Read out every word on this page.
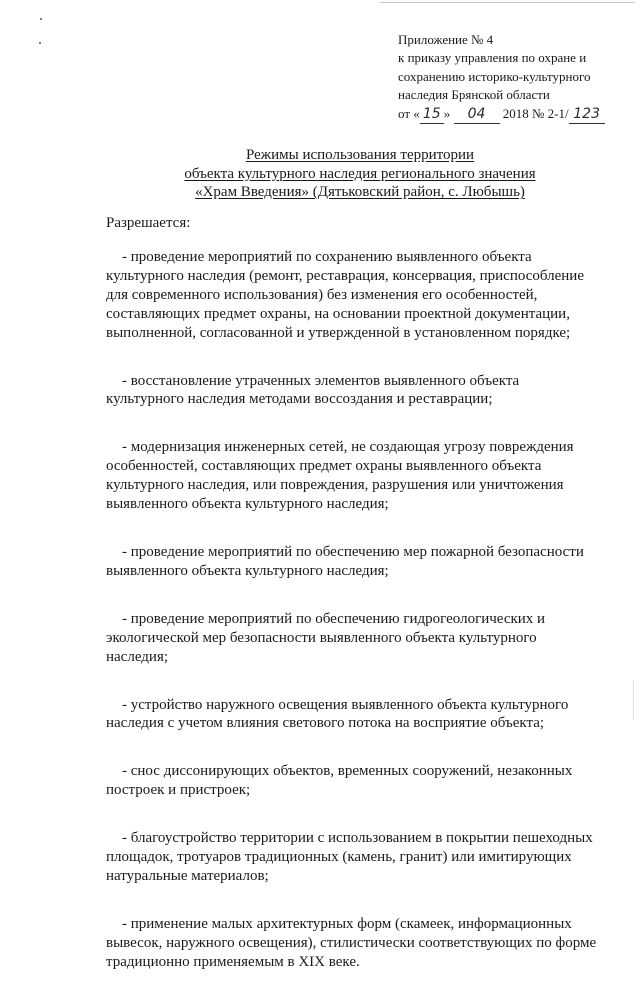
Приложение № 4
к приказу управления по охране и
сохранению историко-культурного
наследия Брянской области
от « 15 » 04 2018 № 2-1/ 123
Режимы использования территории
объекта культурного наследия регионального значения
«Храм Введения» (Дятьковский район, с. Любышь)
Разрешается:
- проведение мероприятий по сохранению выявленного объекта
культурного наследия (ремонт, реставрация, консервация, приспособление
для современного использования) без изменения его особенностей,
составляющих предмет охраны, на основании проектной документации,
выполненной, согласованной и утвержденной в установленном порядке;
- восстановление утраченных элементов выявленного объекта
культурного наследия методами воссоздания и реставрации;
- модернизация инженерных сетей, не создающая угрозу повреждения
особенностей, составляющих предмет охраны выявленного объекта
культурного наследия, или повреждения, разрушения или уничтожения
выявленного объекта культурного наследия;
- проведение мероприятий по обеспечению мер пожарной безопасности
выявленного объекта культурного наследия;
- проведение мероприятий по обеспечению гидрогеологических и
экологической мер безопасности выявленного объекта культурного
наследия;
- устройство наружного освещения выявленного объекта культурного
наследия с учетом влияния светового потока на восприятие объекта;
- снос диссонирующих объектов, временных сооружений, незаконных
построек и пристроек;
- благоустройство территории с использованием в покрытии пешеходных
площадок, тротуаров традиционных (камень, гранит) или имитирующих
натуральные материалов;
- применение малых архитектурных форм (скамеек, информационных
вывесок, наружного освещения), стилистически соответствующих по форме
традиционно применяемым в XIX веке.
